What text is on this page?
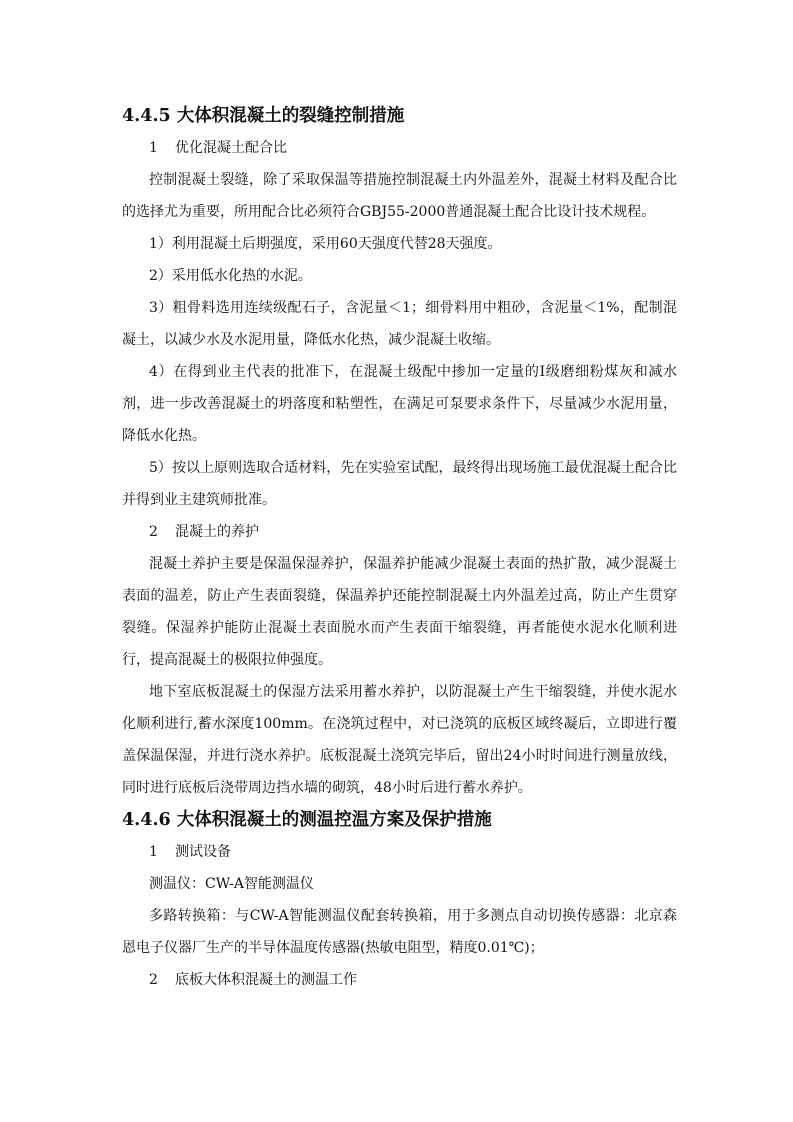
4.4.5 大体积混凝土的裂缝控制措施
1 优化混凝土配合比

控制混凝土裂缝，除了采取保温等措施控制混凝土内外温差外，混凝土材料及配合比的选择尤为重要，所用配合比必须符合GBJ55-2000普通混凝土配合比设计技术规程。

1）利用混凝土后期强度，采用60天强度代替28天强度。

2）采用低水化热的水泥。

3）粗骨料选用连续级配石子，含泥量＜1；细骨料用中粗砂，含泥量＜1%，配制混凝土，以减少水及水泥用量，降低水化热，减少混凝土收缩。

4）在得到业主代表的批准下，在混凝土级配中掺加一定量的Ⅰ级磨细粉煤灰和减水剂，进一步改善混凝土的坍落度和粘塑性，在满足可泵要求条件下，尽量减少水泥用量，降低水化热。

5）按以上原则选取合适材料，先在实验室试配，最终得出现场施工最优混凝土配合比并得到业主建筑师批准。

2 混凝土的养护

混凝土养护主要是保温保湿养护，保温养护能减少混凝土表面的热扩散，减少混凝土表面的温差，防止产生表面裂缝，保温养护还能控制混凝土内外温差过高，防止产生贯穿裂缝。保湿养护能防止混凝土表面脱水而产生表面干缩裂缝，再者能使水泥水化顺利进行，提高混凝土的极限拉伸强度。

地下室底板混凝土的保湿方法采用蓄水养护，以防混凝土产生干缩裂缝，并使水泥水化顺利进行,蓄水深度100mm。在浇筑过程中，对已浇筑的底板区域终凝后，立即进行覆盖保温保湿，并进行浇水养护。底板混凝土浇筑完毕后，留出24小时时间进行测量放线，同时进行底板后浇带周边挡水墙的砌筑，48小时后进行蓄水养护。

4.4.6 大体积混凝土的测温控温方案及保护措施
1 测试设备

测温仪：CW-A智能测温仪

多路转换箱：与CW-A智能测温仪配套转换箱，用于多测点自动切换传感器：北京森恩电子仪器厂生产的半导体温度传感器(热敏电阻型，精度0.01℃)；

2 底板大体积混凝土的测温工作
